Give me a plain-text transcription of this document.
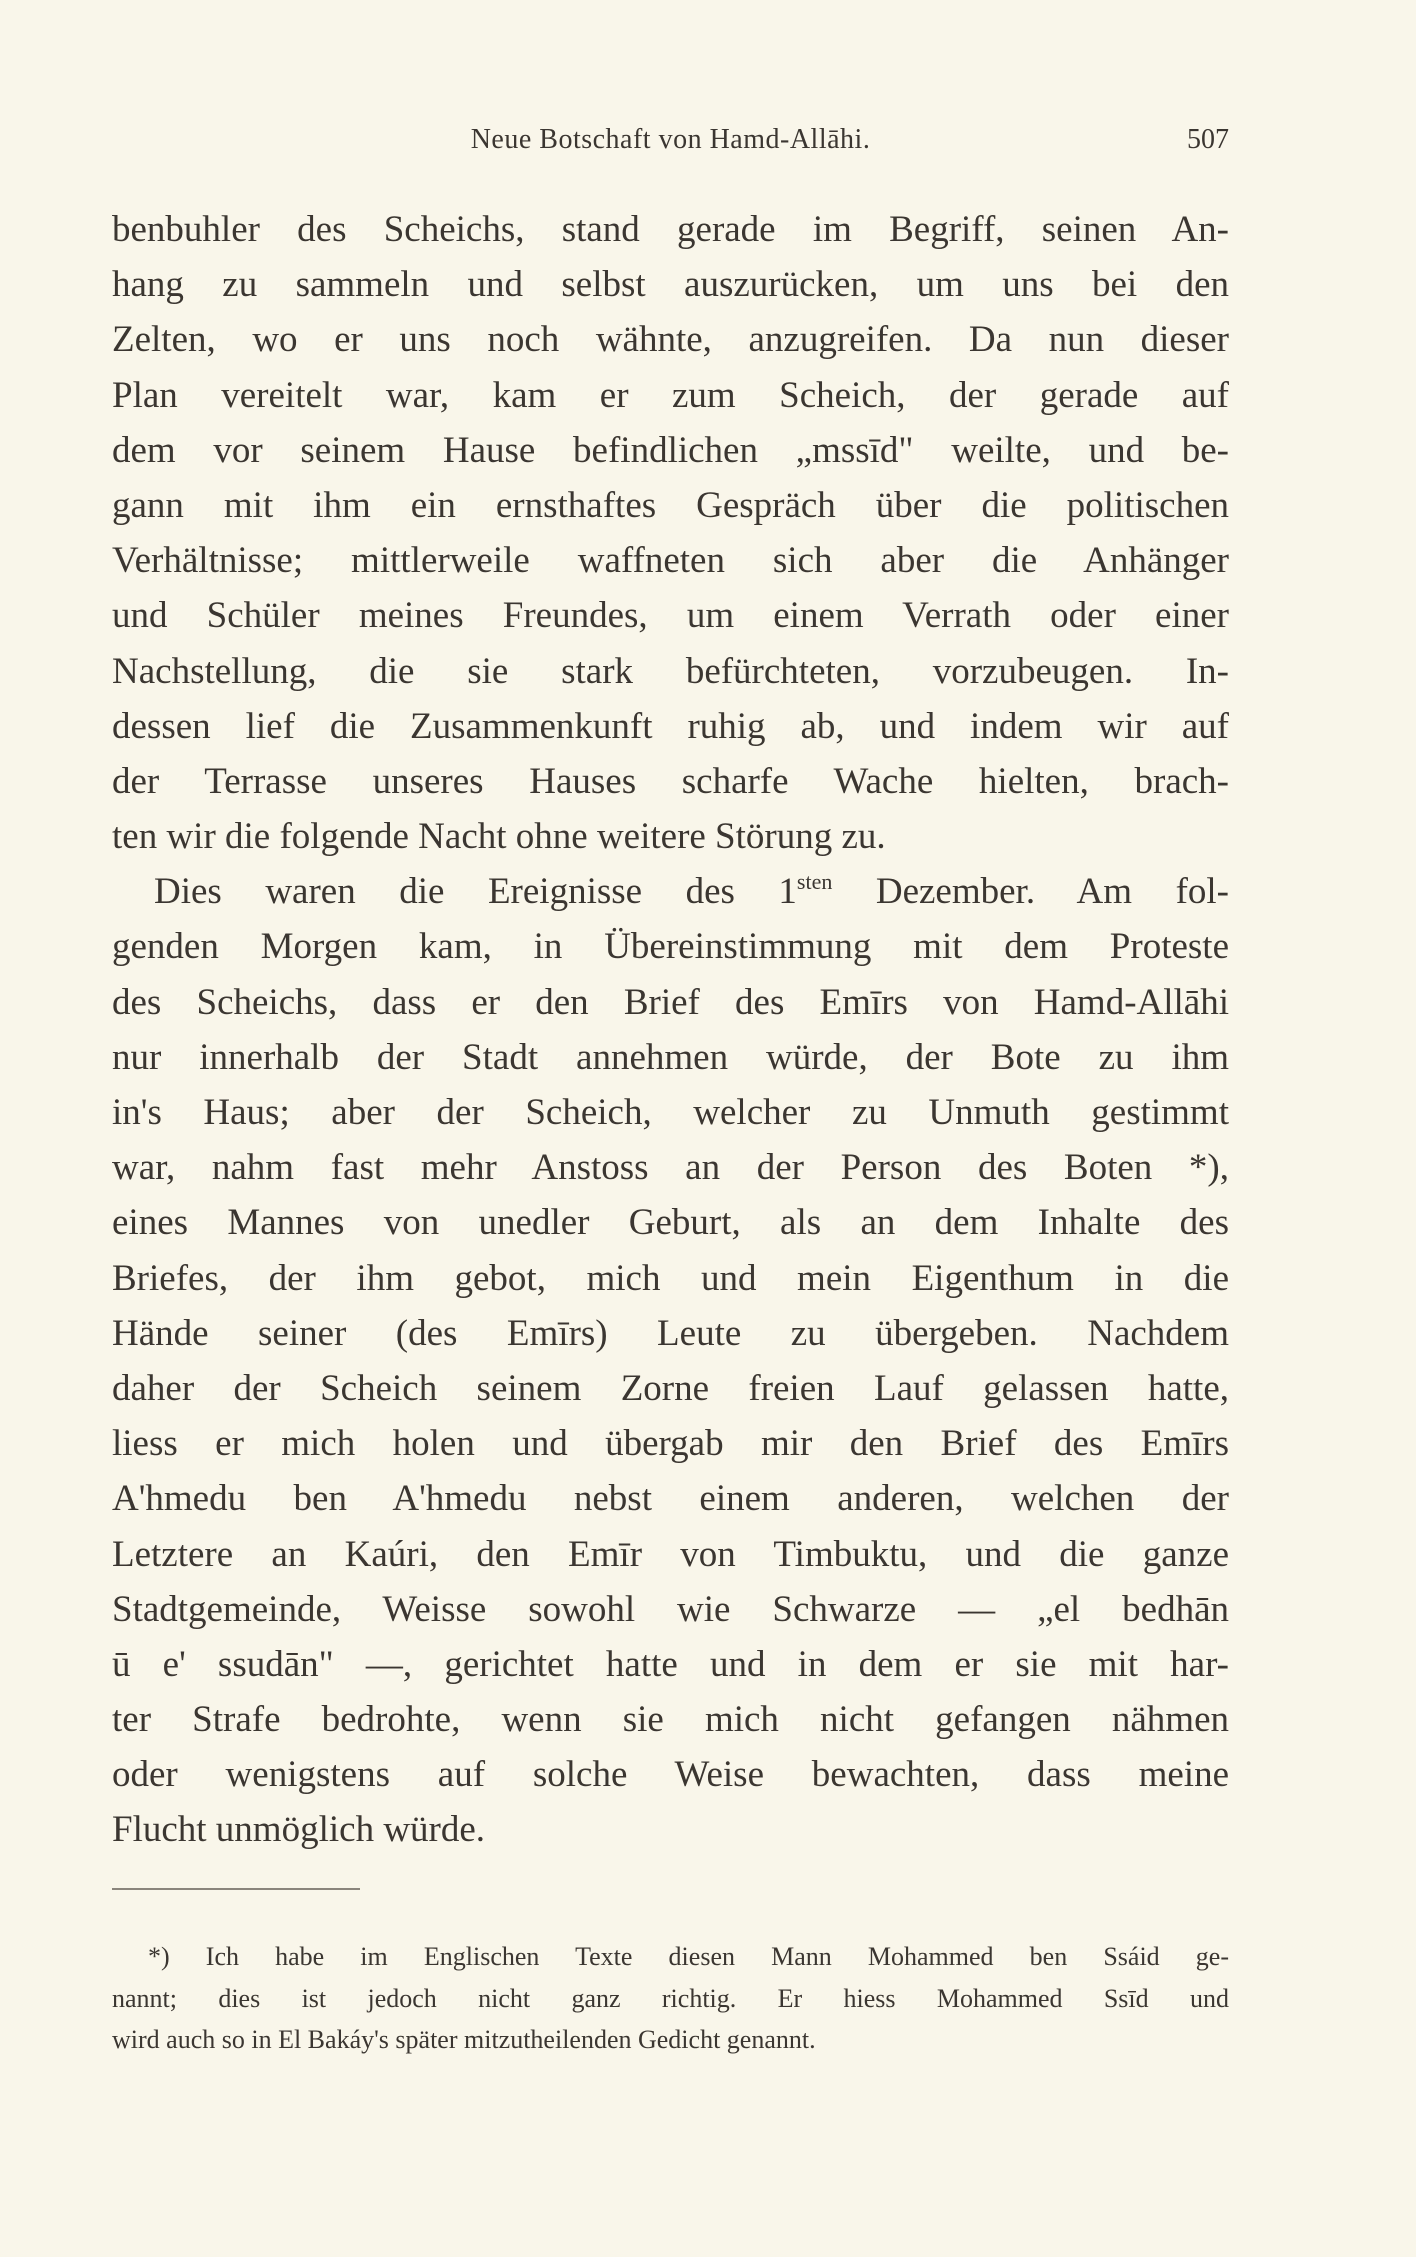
Neue Botschaft von Hamd-Allāhi.	507
benbuhler des Scheichs, stand gerade im Begriff, seinen An-
hang zu sammeln und selbst auszurücken, um uns bei den
Zelten, wo er uns noch wähnte, anzugreifen. Da nun dieser
Plan vereitelt war, kam er zum Scheich, der gerade auf
dem vor seinem Hause befindlichen „mssīd" weilte, und be-
gann mit ihm ein ernsthaftes Gespräch über die politischen
Verhältnisse; mittlerweile waffneten sich aber die Anhänger
und Schüler meines Freundes, um einem Verrath oder einer
Nachstellung, die sie stark befürchteten, vorzubeugen. In-
dessen lief die Zusammenkunft ruhig ab, und indem wir auf
der Terrasse unseres Hauses scharfe Wache hielten, brach-
ten wir die folgende Nacht ohne weitere Störung zu.
Dies waren die Ereignisse des $1^{sten}$ Dezember. Am fol-
genden Morgen kam, in Übereinstimmung mit dem Proteste
des Scheichs, dass er den Brief des Emīrs von Hamd-Allāhi
nur innerhalb der Stadt annehmen würde, der Bote zu ihm
in's Haus; aber der Scheich, welcher zu Unmuth gestimmt
war, nahm fast mehr Anstoss an der Person des Boten *),
eines Mannes von unedler Geburt, als an dem Inhalte des
Briefes, der ihm gebot, mich und mein Eigenthum in die
Hände seiner (des Emīrs) Leute zu übergeben. Nachdem
daher der Scheich seinem Zorne freien Lauf gelassen hatte,
liess er mich holen und übergab mir den Brief des Emīrs
A'hmedu ben A'hmedu nebst einem anderen, welchen der
Letztere an Kaúri, den Emīr von Timbuktu, und die ganze
Stadtgemeinde, Weisse sowohl wie Schwarze — „el bedhān
ū e' ssudān" —, gerichtet hatte und in dem er sie mit har-
ter Strafe bedrohte, wenn sie mich nicht gefangen nähmen
oder wenigstens auf solche Weise bewachten, dass meine
Flucht unmöglich würde.
*) Ich habe im Englischen Texte diesen Mann Mohammed ben Ssáid ge-
nannt; dies ist jedoch nicht ganz richtig. Er hiess Mohammed Ssīd und
wird auch so in El Bakáy's später mitzutheilenden Gedicht genannt.
